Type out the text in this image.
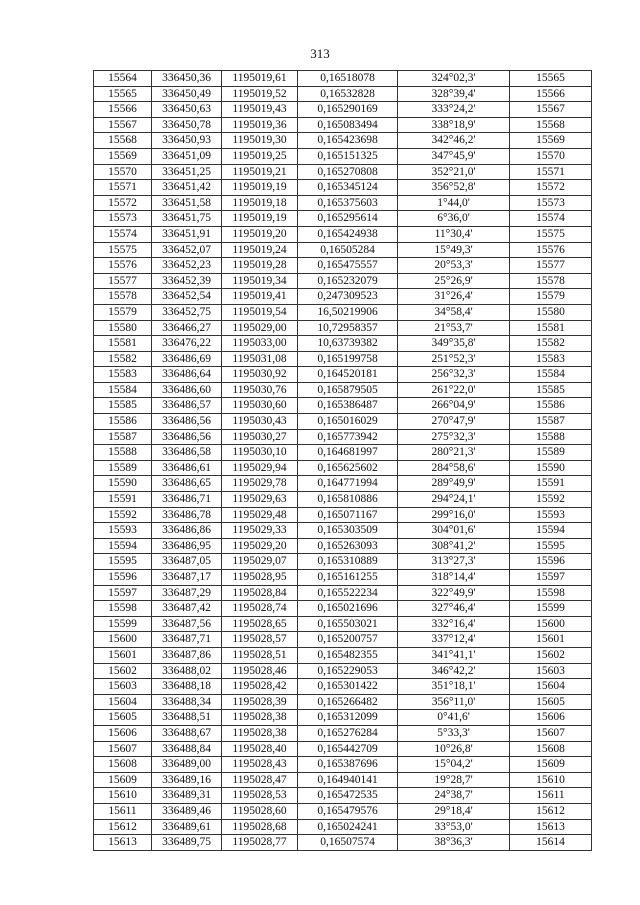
313
15564	336450,36	1195019,61	0,16518078	324°02,3'	15565
15565	336450,49	1195019,52	0,16532828	328°39,4'	15566
15566	336450,63	1195019,43	0,165290169	333°24,2'	15567
15567	336450,78	1195019,36	0,165083494	338°18,9'	15568
15568	336450,93	1195019,30	0,165423698	342°46,2'	15569
15569	336451,09	1195019,25	0,165151325	347°45,9'	15570
15570	336451,25	1195019,21	0,165270808	352°21,0'	15571
15571	336451,42	1195019,19	0,165345124	356°52,8'	15572
15572	336451,58	1195019,18	0,165375603	1°44,0'	15573
15573	336451,75	1195019,19	0,165295614	6°36,0'	15574
15574	336451,91	1195019,20	0,165424938	11°30,4'	15575
15575	336452,07	1195019,24	0,16505284	15°49,3'	15576
15576	336452,23	1195019,28	0,165475557	20°53,3'	15577
15577	336452,39	1195019,34	0,165232079	25°26,9'	15578
15578	336452,54	1195019,41	0,247309523	31°26,4'	15579
15579	336452,75	1195019,54	16,50219906	34°58,4'	15580
15580	336466,27	1195029,00	10,72958357	21°53,7'	15581
15581	336476,22	1195033,00	10,63739382	349°35,8'	15582
15582	336486,69	1195031,08	0,165199758	251°52,3'	15583
15583	336486,64	1195030,92	0,164520181	256°32,3'	15584
15584	336486,60	1195030,76	0,165879505	261°22,0'	15585
15585	336486,57	1195030,60	0,165386487	266°04,9'	15586
15586	336486,56	1195030,43	0,165016029	270°47,9'	15587
15587	336486,56	1195030,27	0,165773942	275°32,3'	15588
15588	336486,58	1195030,10	0,164681997	280°21,3'	15589
15589	336486,61	1195029,94	0,165625602	284°58,6'	15590
15590	336486,65	1195029,78	0,164771994	289°49,9'	15591
15591	336486,71	1195029,63	0,165810886	294°24,1'	15592
15592	336486,78	1195029,48	0,165071167	299°16,0'	15593
15593	336486,86	1195029,33	0,165303509	304°01,6'	15594
15594	336486,95	1195029,20	0,165263093	308°41,2'	15595
15595	336487,05	1195029,07	0,165310889	313°27,3'	15596
15596	336487,17	1195028,95	0,165161255	318°14,4'	15597
15597	336487,29	1195028,84	0,165522234	322°49,9'	15598
15598	336487,42	1195028,74	0,165021696	327°46,4'	15599
15599	336487,56	1195028,65	0,165503021	332°16,4'	15600
15600	336487,71	1195028,57	0,165200757	337°12,4'	15601
15601	336487,86	1195028,51	0,165482355	341°41,1'	15602
15602	336488,02	1195028,46	0,165229053	346°42,2'	15603
15603	336488,18	1195028,42	0,165301422	351°18,1'	15604
15604	336488,34	1195028,39	0,165266482	356°11,0'	15605
15605	336488,51	1195028,38	0,165312099	0°41,6'	15606
15606	336488,67	1195028,38	0,165276284	5°33,3'	15607
15607	336488,84	1195028,40	0,165442709	10°26,8'	15608
15608	336489,00	1195028,43	0,165387696	15°04,2'	15609
15609	336489,16	1195028,47	0,164940141	19°28,7'	15610
15610	336489,31	1195028,53	0,165472535	24°38,7'	15611
15611	336489,46	1195028,60	0,165479576	29°18,4'	15612
15612	336489,61	1195028,68	0,165024241	33°53,0'	15613
15613	336489,75	1195028,77	0,16507574	38°36,3'	15614
